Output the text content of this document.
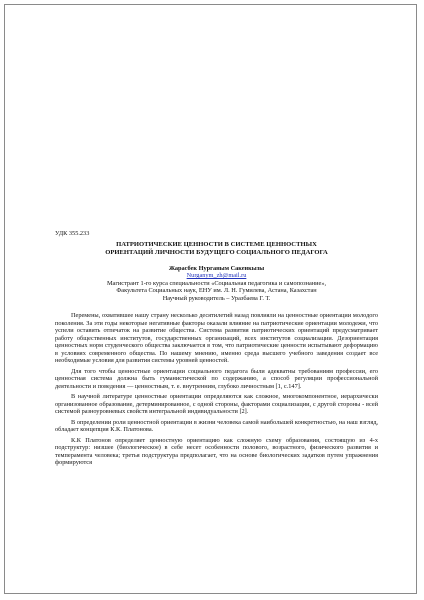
УДК 355.233
ПАТРИОТИЧЕСКИЕ ЦЕННОСТИ В СИСТЕМЕ ЦЕННОСТНЫХ
ОРИЕНТАЦИЙ ЛИЧНОСТИ БУДУЩЕГО СОЦИАЛЬНОГО ПЕДАГОГА
Жарасбек Нурганым Сакенкызы
Nurganym_zh@mail.ru
Магистрант 1-го курса специальности «Социальная педагогика и самопознание»,
Факультета Социальных наук, ЕНУ им. Л. Н. Гумилева, Астана, Казахстан
Научный руководитель – Уразбаева Г. Т.

Перемены, охватившее нашу страну несколько десятилетий назад повлияли на ценностные ориентации молодого поколения. За эти годы некоторые негативные факторы оказали влияние на патриотические ориентации молодежи, что успели оставить отпечаток на развитие общества. Система развития патриотических ориентаций предусматривает работу общественных институтов, государственных организаций, всех институтов социализации. Дезориентация ценностных норм студенческого общества заключается в том, что патриотические ценности испытывают деформацию в условиях современного общества. По нашему мнению, именно среда высшего учебного заведения создает все необходимые условия для развития системы уровней ценностей.

Для того чтобы ценностные ориентации социального педагога были адекватны требованиям профессии, его ценностная система должна быть гуманистической по содержанию, а способ регуляции профессиональной деятельности и поведения — ценностным, т. е. внутренним, глубоко личностным [1, с.147].

В научной литературе ценностные ориентации определяются как сложное, многокомпонентное, иерархически организованное образование, детерминированное, с одной стороны, факторами социализации, с другой стороны - всей системой разноуровневых свойств интегральной индивидуальности [2].

В определении роли ценностной ориентации в жизни человека самой наибольшей конкретностью, на наш взгляд, обладает концепция К.К. Платонова.

К.К Платонов определяет ценностную ориентацию как сложную схему образования, состоящую из 4-х подструктур: низшее (биологическое) в себе несет особенности полового, возрастного, физического развития и темперамента человека; третья подструктура предполагает, что на основе биологических задатков путем упражнения формируются
